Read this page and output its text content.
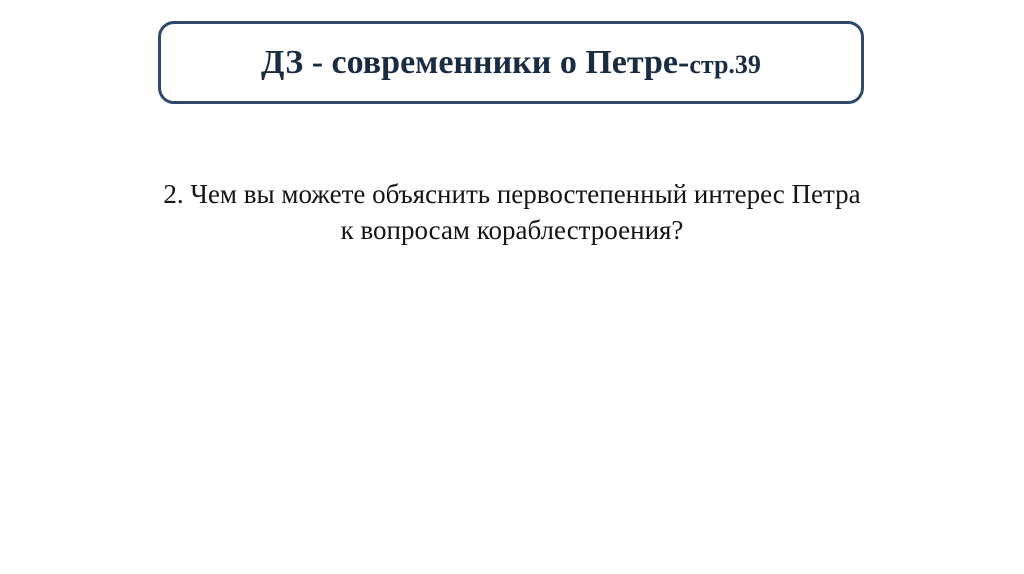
ДЗ - современники о Петре-стр.39

2. Чем вы можете объяснить первостепенный интерес Петра к вопросам кораблестроения?
